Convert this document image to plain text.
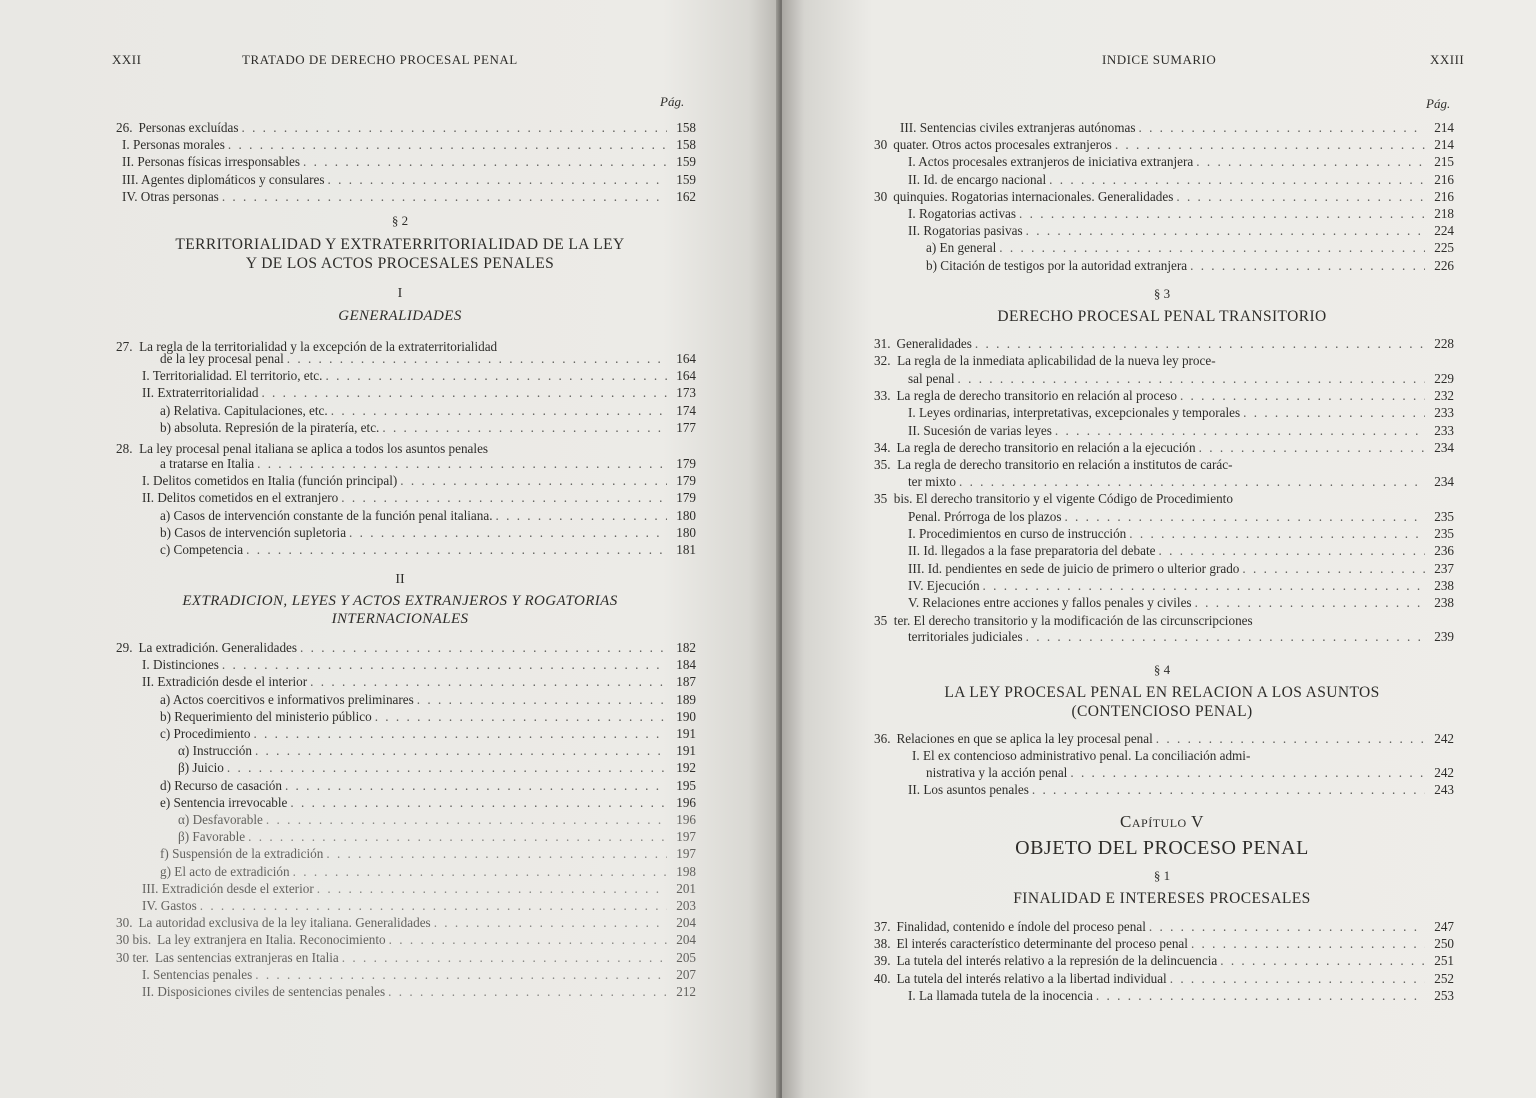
XXII	TRATADO DE DERECHO PROCESAL PENAL
Pág.
26. Personas excluídas . . .	158
I. Personas morales . . .	158
II. Personas físicas irresponsables . . .	159
III. Agentes diplomáticos y consulares . . .	159
IV. Otras personas . . .	162
§ 2
TERRITORIALIDAD Y EXTRATERRITORIALIDAD DE LA LEY
Y DE LOS ACTOS PROCESALES PENALES
I
GENERALIDADES
27.  La regla de la territorialidad y la excepción de la extraterritorialidad
de la ley procesal penal . . .	164
I. Territorialidad. El territorio, etc. . . .	164
II. Extraterritorialidad . . .	173
a) Relativa. Capitulaciones, etc. . . .	174
b) absoluta. Represión de la piratería, etc. . . .	177
28.  La ley procesal penal italiana se aplica a todos los asuntos penales
a tratarse en Italia . . .	179
I. Delitos cometidos en Italia (función principal) . . .	179
II. Delitos cometidos en el extranjero . . .	179
a) Casos de intervención constante de la función penal italiana. . . .	180
b) Casos de intervención supletoria . . .	180
c) Competencia . . .	181
II
EXTRADICION, LEYES Y ACTOS EXTRANJEROS Y ROGATORIAS
INTERNACIONALES
29. La extradición. Generalidades . . .	182
I. Distinciones . . .	184
II. Extradición desde el interior . . .	187
a) Actos coercitivos e informativos preliminares . . .	189
b) Requerimiento del ministerio público . . .	190
c) Procedimiento . . .	191
α) Instrucción . . .	191
β) Juicio . . .	192
d) Recurso de casación . . .	195
e) Sentencia irrevocable . . .	196
α) Desfavorable . . .	196
β) Favorable . . .	197
f) Suspensión de la extradición . . .	197
g) El acto de extradición . . .	198
III. Extradición desde el exterior . . .	201
IV. Gastos . . .	203
30. La autoridad exclusiva de la ley italiana. Generalidades . . .	204
30 bis. La ley extranjera en Italia. Reconocimiento . . .	204
30 ter. Las sentencias extranjeras en Italia . . .	205
I. Sentencias penales . . .	207
II. Disposiciones civiles de sentencias penales . . .	212
INDICE SUMARIO	XXIII
Pág.
III. Sentencias civiles extranjeras autónomas . . .	214
30 quater. Otros actos procesales extranjeros . . .	214
I. Actos procesales extranjeros de iniciativa extranjera . . .	215
II. Id. de encargo nacional . . .	216
30 quinquies. Rogatorias internacionales. Generalidades . . .	216
I. Rogatorias activas . . .	218
II. Rogatorias pasivas . . .	224
a) En general . . .	225
b) Citación de testigos por la autoridad extranjera . . .	226
§ 3
DERECHO PROCESAL PENAL TRANSITORIO
31. Generalidades . . .	228
32.  La regla de la inmediata aplicabilidad de la nueva ley proce-
sal penal . . .	229
33. La regla de derecho transitorio en relación al proceso . . .	232
I. Leyes ordinarias, interpretativas, excepcionales y temporales . . .	233
II. Sucesión de varias leyes . . .	233
34. La regla de derecho transitorio en relación a la ejecución . . .	234
35.  La regla de derecho transitorio en relación a institutos de carác-
ter mixto . . .	234
35  bis. El derecho transitorio y el vigente Código de Procedimiento
Penal. Prórroga de los plazos . . .	235
I. Procedimientos en curso de instrucción . . .	235
II. Id. llegados a la fase preparatoria del debate . . .	236
III. Id. pendientes en sede de juicio de primero o ulterior grado . . .	237
IV. Ejecución . . .	238
V. Relaciones entre acciones y fallos penales y civiles . . .	238
35  ter. El derecho transitorio y la modificación de las circunscripciones
territoriales judiciales . . .	239
§ 4
LA LEY PROCESAL PENAL EN RELACION A LOS ASUNTOS
(CONTENCIOSO PENAL)
36. Relaciones en que se aplica la ley procesal penal . . .	242
I. El ex contencioso administrativo penal. La conciliación admi-
nistrativa y la acción penal . . .	242
II. Los asuntos penales . . .	243
Capítulo V
OBJETO DEL PROCESO PENAL
§ 1
FINALIDAD E INTERESES PROCESALES
37. Finalidad, contenido e índole del proceso penal . . .	247
38. El interés característico determinante del proceso penal . . .	250
39. La tutela del interés relativo a la represión de la delincuencia . . .	251
40. La tutela del interés relativo a la libertad individual . . .	252
I. La llamada tutela de la inocencia . . .	253
